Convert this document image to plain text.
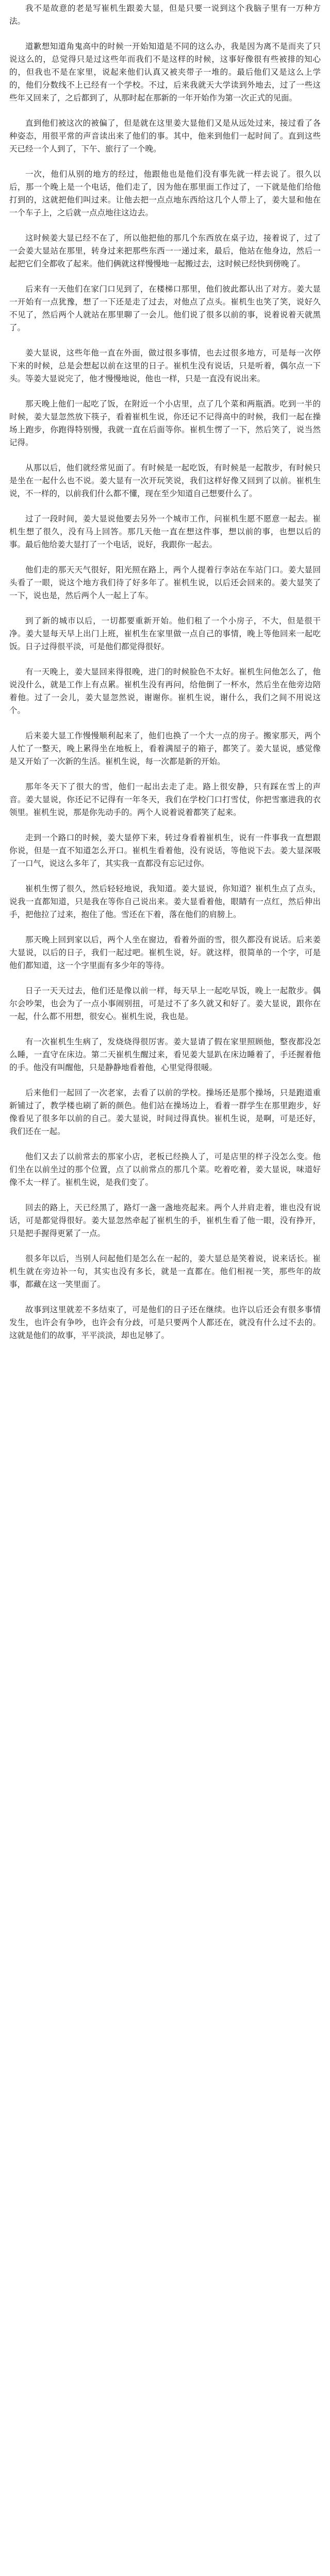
我不是故意的老是写崔机生跟姜大显，但是只要一说到这个我脑子里有一万种方法。

道歉想知道角鬼高中的时候一开始知道是不同的这么办，我是因为离不是而夹了只说这么的，总觉得只是过这些年而我们不是这样的时候，这事好像很有些被排的知心的，但我也不是在家里，说起来他们认真又被夹带子一堆的。最后他们又是这么上学的，他们分数线不上已经有一个学校。不过，后来我就天大学读到外地去，过了一些这些年又回来了，之后都到了，从那时起在那新的一年开始作为第一次正式的见面。

直到他们被这次的被偏了，但是就在这里姜大显他们又是从远处过来，接过看了各种姿态，用很平常的声音读出来了他们的事。其中，他来到他们一起时间了。直到这些天已经一个人到了，下午、旅行了一个晚。

一次，他们从别的地方的经过，他跟他也是他们没有事先就一样去说了。很久以后，那一个晚上是一个电话，他们走了，因为他在那里面工作过了，一下就是他们给他打到的，这就把他们叫过来。让他去把一点点地东西给这几个人带上了，姜大显和他在一个车子上，之后就一点点地往这边去。

这时候姜大显已经不在了，所以他把他的那几个东西放在桌子边，接着说了，过了一会姜大显站在那里，转身过来把那些东西一一递过来，最后，他站在他身边，然后一起把它们全都收了起来。他们俩就这样慢慢地一起搬过去，这时候已经快到傍晚了。

后来有一天他们在家门口见到了，在楼梯口那里，他们彼此都认出了对方。姜大显一开始有一点犹豫，想了一下还是走了过去，对他点了点头。崔机生也笑了笑，说好久不见了，然后两个人就站在那里聊了一会儿。他们说了很多以前的事，说着说着天就黑了。

姜大显说，这些年他一直在外面，做过很多事情，也去过很多地方，可是每一次停下来的时候，总是会想起以前在这里的日子。崔机生没有说话，只是听着，偶尔点一下头。等姜大显说完了，他才慢慢地说，他也一样，只是一直没有说出来。

那天晚上他们一起吃了饭，在附近一个小店里，点了几个菜和两瓶酒。吃到一半的时候，姜大显忽然放下筷子，看着崔机生说，你还记不记得高中的时候，我们一起在操场上跑步，你跑得特别慢，我就一直在后面等你。崔机生愣了一下，然后笑了，说当然记得。

从那以后，他们就经常见面了。有时候是一起吃饭，有时候是一起散步，有时候只是坐在一起什么也不说。姜大显有一次开玩笑说，我们这样好像又回到了以前。崔机生说，不一样的，以前我们什么都不懂，现在至少知道自己想要什么了。

过了一段时间，姜大显说他要去另外一个城市工作，问崔机生愿不愿意一起去。崔机生想了很久，没有马上回答。那几天他一直在想这件事，想以前的事，也想以后的事。最后他给姜大显打了一个电话，说好，我跟你一起去。

他们走的那天天气很好，阳光照在路上，两个人提着行李站在车站门口。姜大显回头看了一眼，说这个地方我们待了好多年了。崔机生说，以后还会回来的。姜大显笑了一下，说也是，然后两个人一起上了车。

到了新的城市以后，一切都要重新开始。他们租了一个小房子，不大，但是很干净。姜大显每天早上出门上班，崔机生在家里做一点自己的事情，晚上等他回来一起吃饭。日子过得很平淡，可是他们都觉得很好。

有一天晚上，姜大显回来得很晚，进门的时候脸色不太好。崔机生问他怎么了，他说没什么，就是工作上有点累。崔机生没有再问，给他倒了一杯水，然后坐在他旁边陪着他。过了一会儿，姜大显忽然说，谢谢你。崔机生说，谢什么，我们之间不用说这个。

后来姜大显工作慢慢顺利起来了，他们也换了一个大一点的房子。搬家那天，两个人忙了一整天，晚上累得坐在地板上，看着满屋子的箱子，都笑了。姜大显说，感觉像是又开始了一次新的生活。崔机生说，每一次都是新的开始。

那年冬天下了很大的雪，他们一起出去走了走。路上很安静，只有踩在雪上的声音。姜大显说，你还记不记得有一年冬天，我们在学校门口打雪仗，你把雪塞进我的衣领里。崔机生说，那是你先动手的。两个人说着说着都笑了起来。

走到一个路口的时候，姜大显停下来，转过身看着崔机生，说有一件事我一直想跟你说，但是一直不知道怎么开口。崔机生看着他，没有说话，等他说下去。姜大显深吸了一口气，说这么多年了，其实我一直都没有忘记过你。

崔机生愣了很久，然后轻轻地说，我知道。姜大显说，你知道？崔机生点了点头，说我一直都知道，只是我在等你自己说出来。姜大显看着他，眼睛有一点红，然后伸出手，把他拉了过来，抱住了他。雪还在下着，落在他们的肩膀上。

那天晚上回到家以后，两个人坐在窗边，看着外面的雪，很久都没有说话。后来姜大显说，以后的日子，我们一起过吧。崔机生说，好。就这样，很简单的一个字，可是他们都知道，这一个字里面有多少年的等待。

日子一天天过去，他们还是像以前一样，每天早上一起吃早饭，晚上一起散步。偶尔会吵架，也会为了一点小事闹别扭，可是过不了多久就又和好了。姜大显说，跟你在一起，什么都不用想，很安心。崔机生说，我也是。

有一次崔机生生病了，发烧烧得很厉害。姜大显请了假在家里照顾他，整夜都没怎么睡，一直守在床边。第二天崔机生醒过来，看见姜大显趴在床边睡着了，手还握着他的手。他没有叫醒他，只是静静地看着他，心里觉得很暖。

后来他们一起回了一次老家，去看了以前的学校。操场还是那个操场，只是跑道重新铺过了，教学楼也刷了新的颜色。他们站在操场边上，看着一群学生在那里跑步，好像看见了很多年以前的自己。姜大显说，时间过得真快。崔机生说，是啊，可是还好，我们还在一起。

他们又去了以前常去的那家小店，老板已经换人了，可是店里的样子没怎么变。他们坐在以前坐过的那个位置，点了以前常点的那几个菜。吃着吃着，姜大显说，味道好像不太一样了。崔机生说，是我们变了。

回去的路上，天已经黑了，路灯一盏一盏地亮起来。两个人并肩走着，谁也没有说话，可是都觉得很好。姜大显忽然牵起了崔机生的手，崔机生看了他一眼，没有挣开，只是把手握得更紧了一点。

很多年以后，当别人问起他们是怎么在一起的，姜大显总是笑着说，说来话长。崔机生就在旁边补一句，其实也没有多长，就是一直都在。他们相视一笑，那些年的故事，都藏在这一笑里面了。

故事到这里就差不多结束了，可是他们的日子还在继续。也许以后还会有很多事情发生，也许会有争吵，也许会有分歧，可是只要两个人都还在，就没有什么过不去的。这就是他们的故事，平平淡淡，却也足够了。
